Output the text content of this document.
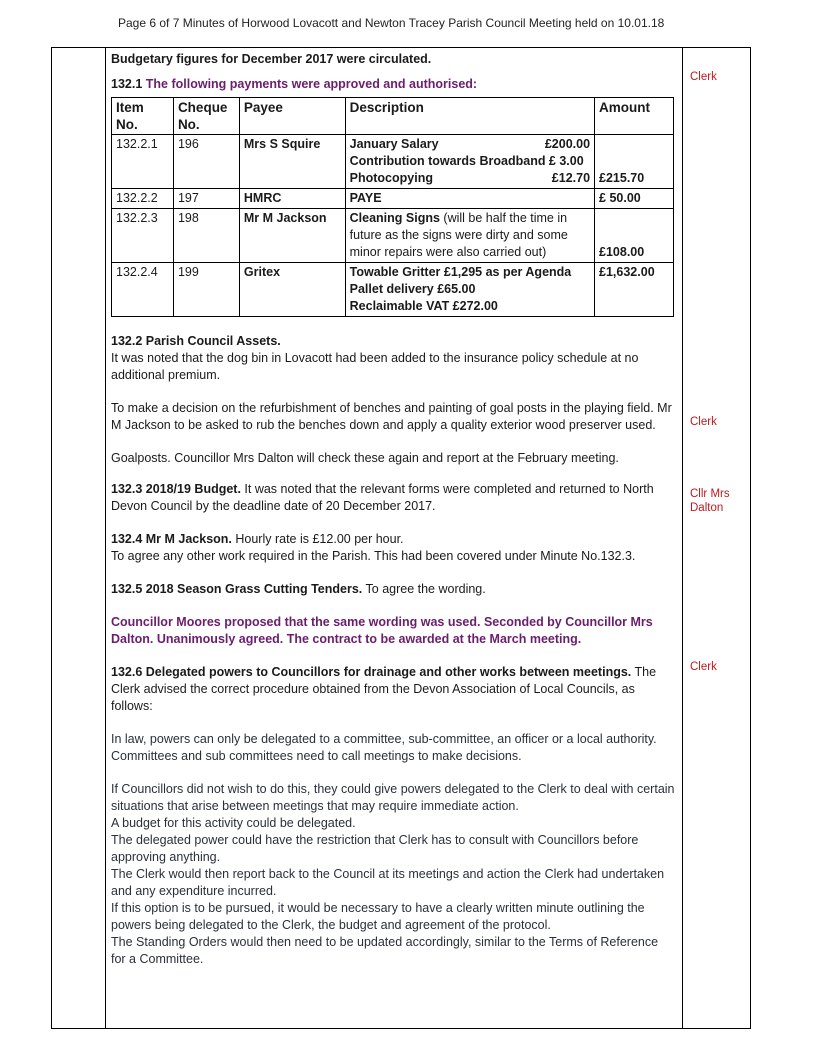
Page 6 of 7 Minutes of Horwood Lovacott and Newton Tracey Parish Council Meeting held on 10.01.18

Budgetary figures for December 2017 were circulated.

132.1 The following payments were approved and authorised:

Item No.	Cheque No.	Payee	Description	Amount
132.2.1	196	Mrs S Squire	January Salary £200.00
Contribution towards Broadband £ 3.00
Photocopying £12.70	£215.70
132.2.2	197	HMRC	PAYE	£ 50.00
132.2.3	198	Mr M Jackson	Cleaning Signs (will be half the time in future as the signs were dirty and some minor repairs were also carried out)	£108.00
132.2.4	199	Gritex	Towable Gritter £1,295 as per Agenda
Pallet delivery £65.00
Reclaimable VAT £272.00	£1,632.00

132.2 Parish Council Assets.

It was noted that the dog bin in Lovacott had been added to the insurance policy schedule at no additional premium.

To make a decision on the refurbishment of benches and painting of goal posts in the playing field. Mr M Jackson to be asked to rub the benches down and apply a quality exterior wood preserver used.

Goalposts. Councillor Mrs Dalton will check these again and report at the February meeting.

132.3 2018/19 Budget. It was noted that the relevant forms were completed and returned to North Devon Council by the deadline date of 20 December 2017.

132.4 Mr M Jackson. Hourly rate is £12.00 per hour.

To agree any other work required in the Parish. This had been covered under Minute No.132.3.

132.5 2018 Season Grass Cutting Tenders. To agree the wording.

Councillor Moores proposed that the same wording was used. Seconded by Councillor Mrs Dalton. Unanimously agreed. The contract to be awarded at the March meeting.

132.6 Delegated powers to Councillors for drainage and other works between meetings. The Clerk advised the correct procedure obtained from the Devon Association of Local Councils, as follows:

In law, powers can only be delegated to a committee, sub-committee, an officer or a local authority. Committees and sub committees need to call meetings to make decisions.

If Councillors did not wish to do this, they could give powers delegated to the Clerk to deal with certain situations that arise between meetings that may require immediate action.

A budget for this activity could be delegated.

The delegated power could have the restriction that Clerk has to consult with Councillors before approving anything.

The Clerk would then report back to the Council at its meetings and action the Clerk had undertaken and any expenditure incurred.

If this option is to be pursued, it would be necessary to have a clearly written minute outlining the powers being delegated to the Clerk, the budget and agreement of the protocol.

The Standing Orders would then need to be updated accordingly, similar to the Terms of Reference for a Committee.

Clerk
Clerk
Cllr Mrs Dalton
Clerk
